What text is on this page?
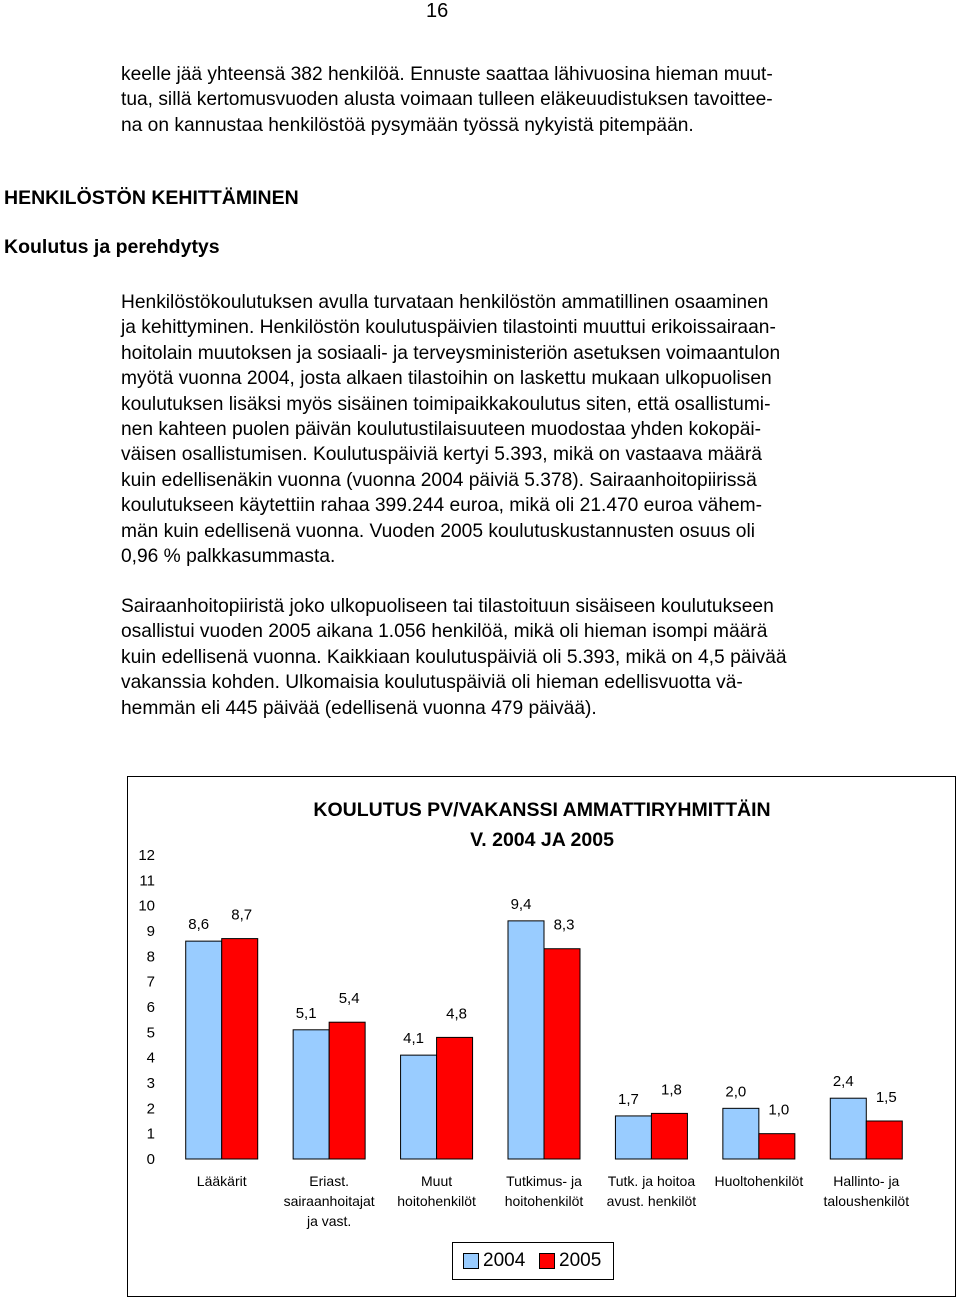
16
keelle jää yhteensä 382 henkilöä. Ennuste saattaa lähivuosina hieman muut-
tua, sillä kertomusvuoden alusta voimaan tulleen eläkeuudistuksen tavoittee-
na on kannustaa henkilöstöä pysymään työssä nykyistä pitempään.
HENKILÖSTÖN KEHITTÄMINEN
Koulutus ja perehdytys
Henkilöstökoulutuksen avulla turvataan henkilöstön ammatillinen osaaminen
ja kehittyminen. Henkilöstön koulutuspäivien tilastointi muuttui erikoissairaan-
hoitolain muutoksen ja sosiaali- ja terveysministeriön asetuksen voimaantulon
myötä vuonna 2004, josta alkaen tilastoihin on laskettu mukaan ulkopuolisen
koulutuksen lisäksi myös sisäinen toimipaikkakoulutus siten, että osallistumi-
nen kahteen puolen päivän koulutustilaisuuteen muodostaa yhden kokopäi-
väisen osallistumisen. Koulutuspäiviä kertyi 5.393, mikä on vastaava määrä
kuin edellisenäkin vuonna (vuonna 2004 päiviä 5.378). Sairaanhoitopiirissä
koulutukseen käytettiin rahaa 399.244 euroa, mikä oli 21.470 euroa vähem-
män kuin edellisenä vuonna. Vuoden 2005 koulutuskustannusten osuus oli
0,96 % palkkasummasta.
Sairaanhoitopiiristä joko ulkopuoliseen tai tilastoituun sisäiseen koulutukseen
osallistui vuoden 2005 aikana 1.056 henkilöä, mikä oli hieman isompi määrä
kuin edellisenä vuonna. Kaikkiaan koulutuspäiviä oli 5.393, mikä on 4,5 päivää
vakanssia kohden. Ulkomaisia koulutuspäiviä oli hieman edellisvuotta vä-
hemmän eli 445 päivää (edellisenä vuonna 479 päivää).
0
1
2
3
4
5
6
7
8
9
10
11
12
8,6
5,1
4,1
9,4
1,7	2,0
2,4
8,7
5,4
4,8
8,3
1,8
1,0
1,5
Lääkärit	Eriast.
sairaanhoitajat
ja vast.
Muut
hoitohenkilöt
Tutkimus- ja
hoitohenkilöt
Tutk. ja hoitoa
avust. henkilöt
Huoltohenkilöt Hallinto- ja
taloushenkilöt
KOULUTUS PV/VAKANSSI AMMATTIRYHMITTÄIN
V. 2004 JA 2005
2004 2005
